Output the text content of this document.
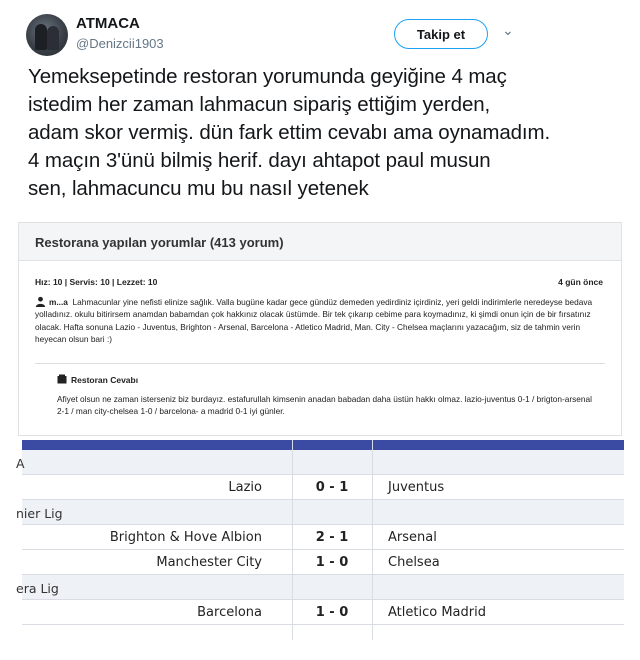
ATMACA
@Denizcii1903
Takip et	⌄
Yemeksepetinde restoran yorumunda geyiğine 4 maç
istedim her zaman lahmacun sipariş ettiğim yerden,
adam skor vermiş. dün fark ettim cevabı ama oynamadım.
4 maçın 3'ünü bilmiş herif. dayı ahtapot paul musun
sen, lahmacuncu mu bu nasıl yetenek
Restorana yapılan yorumlar (413 yorum)
Hız: 10 | Servis: 10 | Lezzet: 10	4 gün önce
m...a Lahmacunlar yine nefisti elinize sağlık. Valla bugüne kadar gece gündüz demeden yedirdiniz içirdiniz, yeri geldi indirimlerle neredeyse bedava yolladınız. okulu bitirirsem anamdan babamdan çok hakkınız olacak üstümde. Bir tek çıkarıp cebime para koymadınız, ki şimdi onun için de bir fırsatınız olacak. Hafta sonuna Lazio - Juventus, Brighton - Arsenal, Barcelona - Atletico Madrid, Man. City - Chelsea maçlarını yazacağım, siz de tahmin verin heyecan olsun bari :)
Restoran Cevabı
Afiyet olsun ne zaman isterseniz biz burdayız. estafurullah kimsenin anadan babadan daha üstün hakkı olmaz. lazio-juventus 0-1 / brigton-arsenal 2-1 / man city-chelsea 1-0 / barcelona- a madrid 0-1 iyi günler.
A
Lazio	0 - 1	Juventus
nier Lig
Brighton & Hove Albion	2 - 1	Arsenal
Manchester City	1 - 0	Chelsea
era Lig
Barcelona	1 - 0	Atletico Madrid
